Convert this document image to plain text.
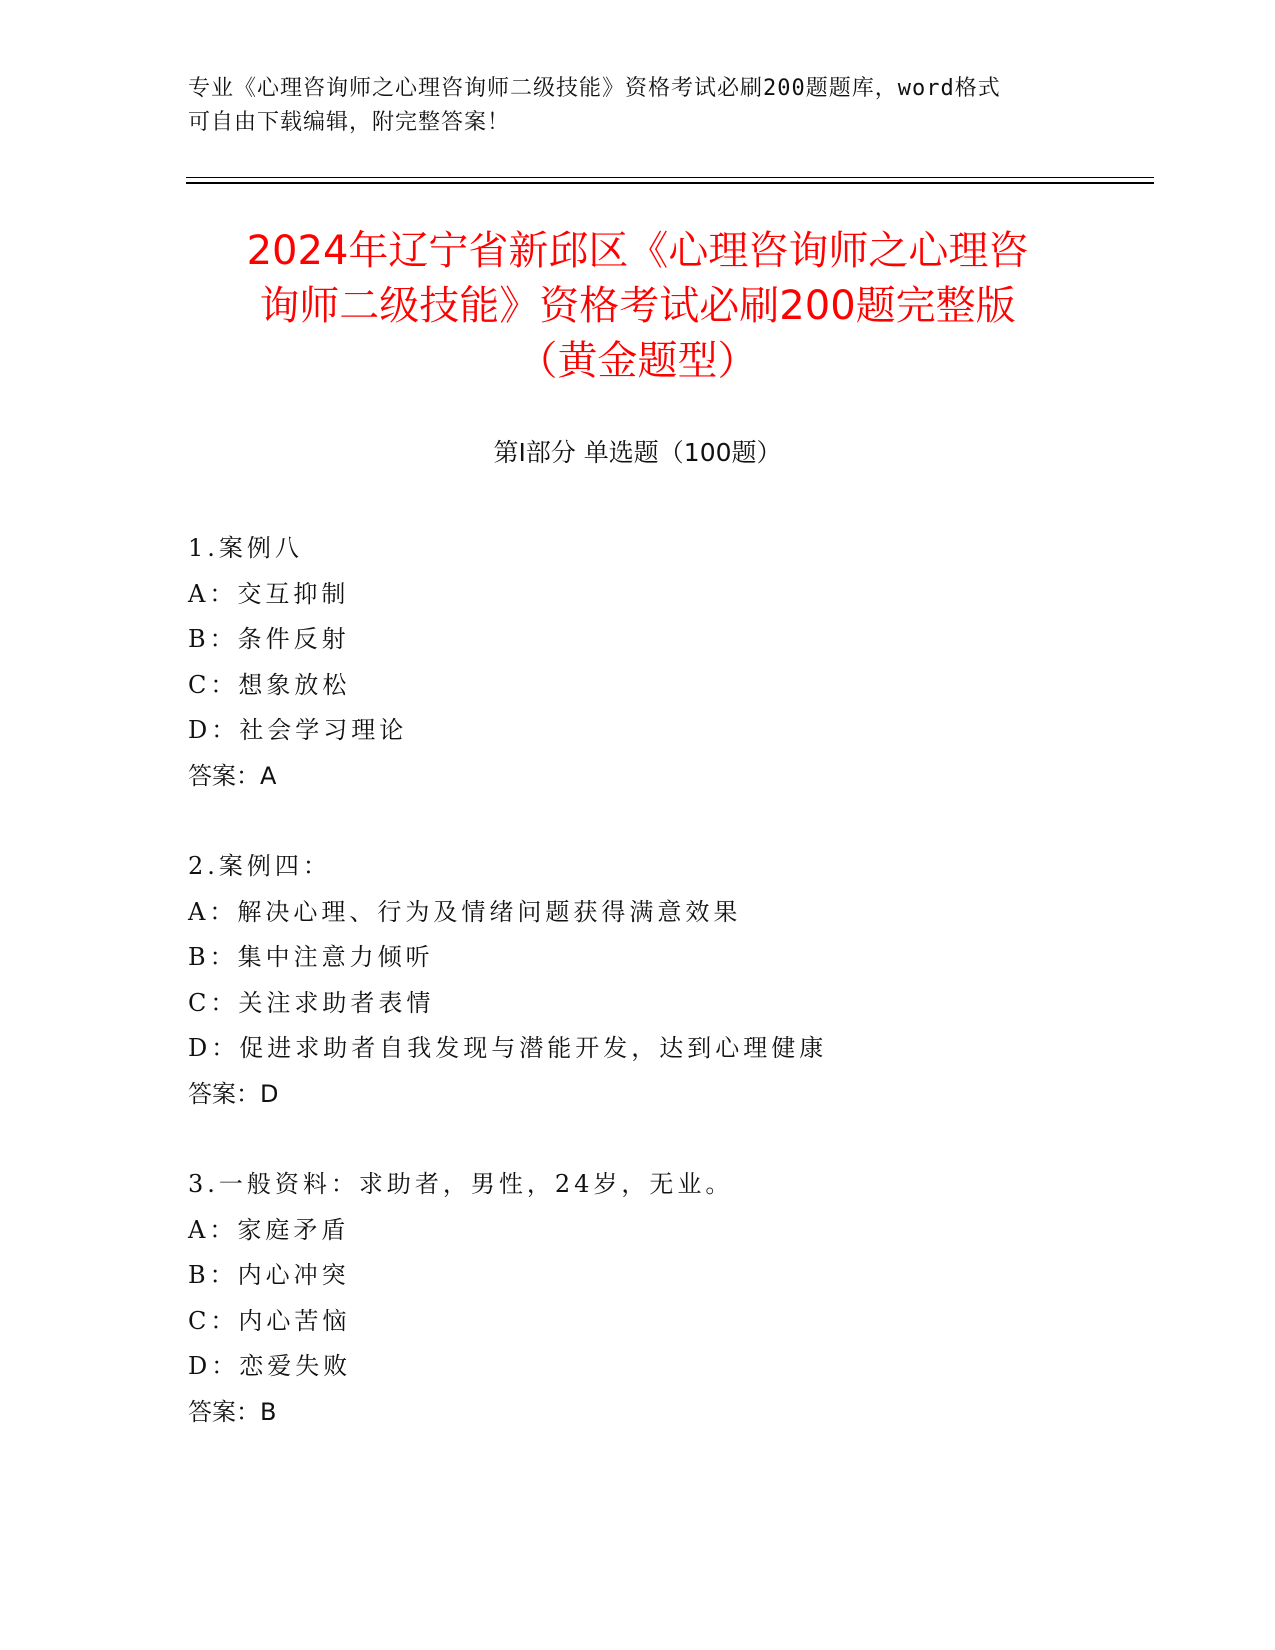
专业《心理咨询师之心理咨询师二级技能》资格考试必刷200题题库，word格式
可自由下载编辑，附完整答案！
2024年辽宁省新邱区《心理咨询师之心理咨
询师二级技能》资格考试必刷200题完整版
（黄金题型）
第Ⅰ部分 单选题（100题）
1.案例八
A：交互抑制
B：条件反射
C：想象放松
D：社会学习理论
答案：A
2.案例四：
A：解决心理、行为及情绪问题获得满意效果
B：集中注意力倾听
C：关注求助者表情
D：促进求助者自我发现与潜能开发，达到心理健康
答案：D
3.一般资料：求助者，男性，24岁，无业。
A：家庭矛盾
B：内心冲突
C：内心苦恼
D：恋爱失败
答案：B
